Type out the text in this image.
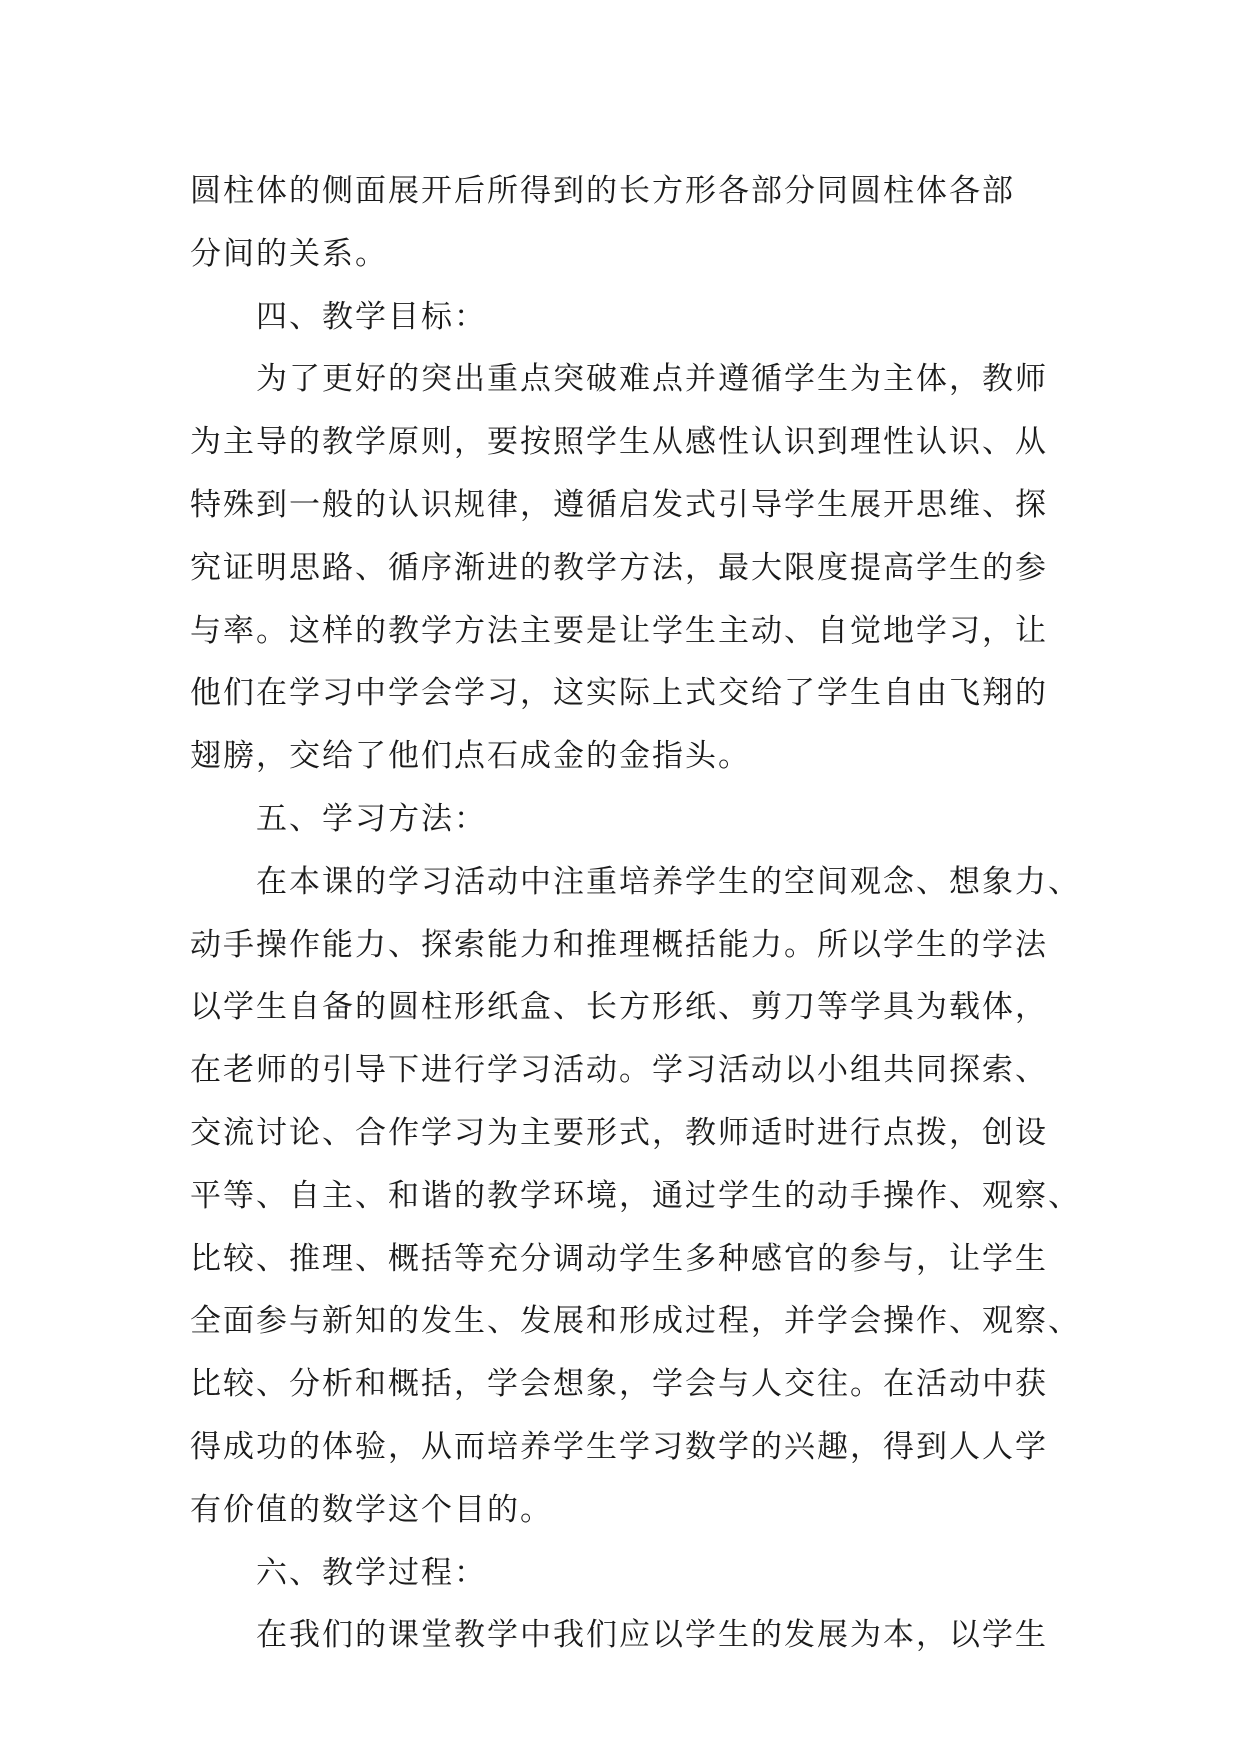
圆柱体的侧面展开后所得到的长方形各部分同圆柱体各部
分间的关系。
四、教学目标：
为了更好的突出重点突破难点并遵循学生为主体，教师
为主导的教学原则，要按照学生从感性认识到理性认识、从
特殊到一般的认识规律，遵循启发式引导学生展开思维、探
究证明思路、循序渐进的教学方法，最大限度提高学生的参
与率。这样的教学方法主要是让学生主动、自觉地学习，让
他们在学习中学会学习，这实际上式交给了学生自由飞翔的
翅膀，交给了他们点石成金的金指头。
五、学习方法：
在本课的学习活动中注重培养学生的空间观念、想象力、
动手操作能力、探索能力和推理概括能力。所以学生的学法
以学生自备的圆柱形纸盒、长方形纸、剪刀等学具为载体，
在老师的引导下进行学习活动。学习活动以小组共同探索、
交流讨论、合作学习为主要形式，教师适时进行点拨，创设
平等、自主、和谐的教学环境，通过学生的动手操作、观察、
比较、推理、概括等充分调动学生多种感官的参与，让学生
全面参与新知的发生、发展和形成过程，并学会操作、观察、
比较、分析和概括，学会想象，学会与人交往。在活动中获
得成功的体验，从而培养学生学习数学的兴趣，得到人人学
有价值的数学这个目的。
六、教学过程：
在我们的课堂教学中我们应以学生的发展为本，以学生
